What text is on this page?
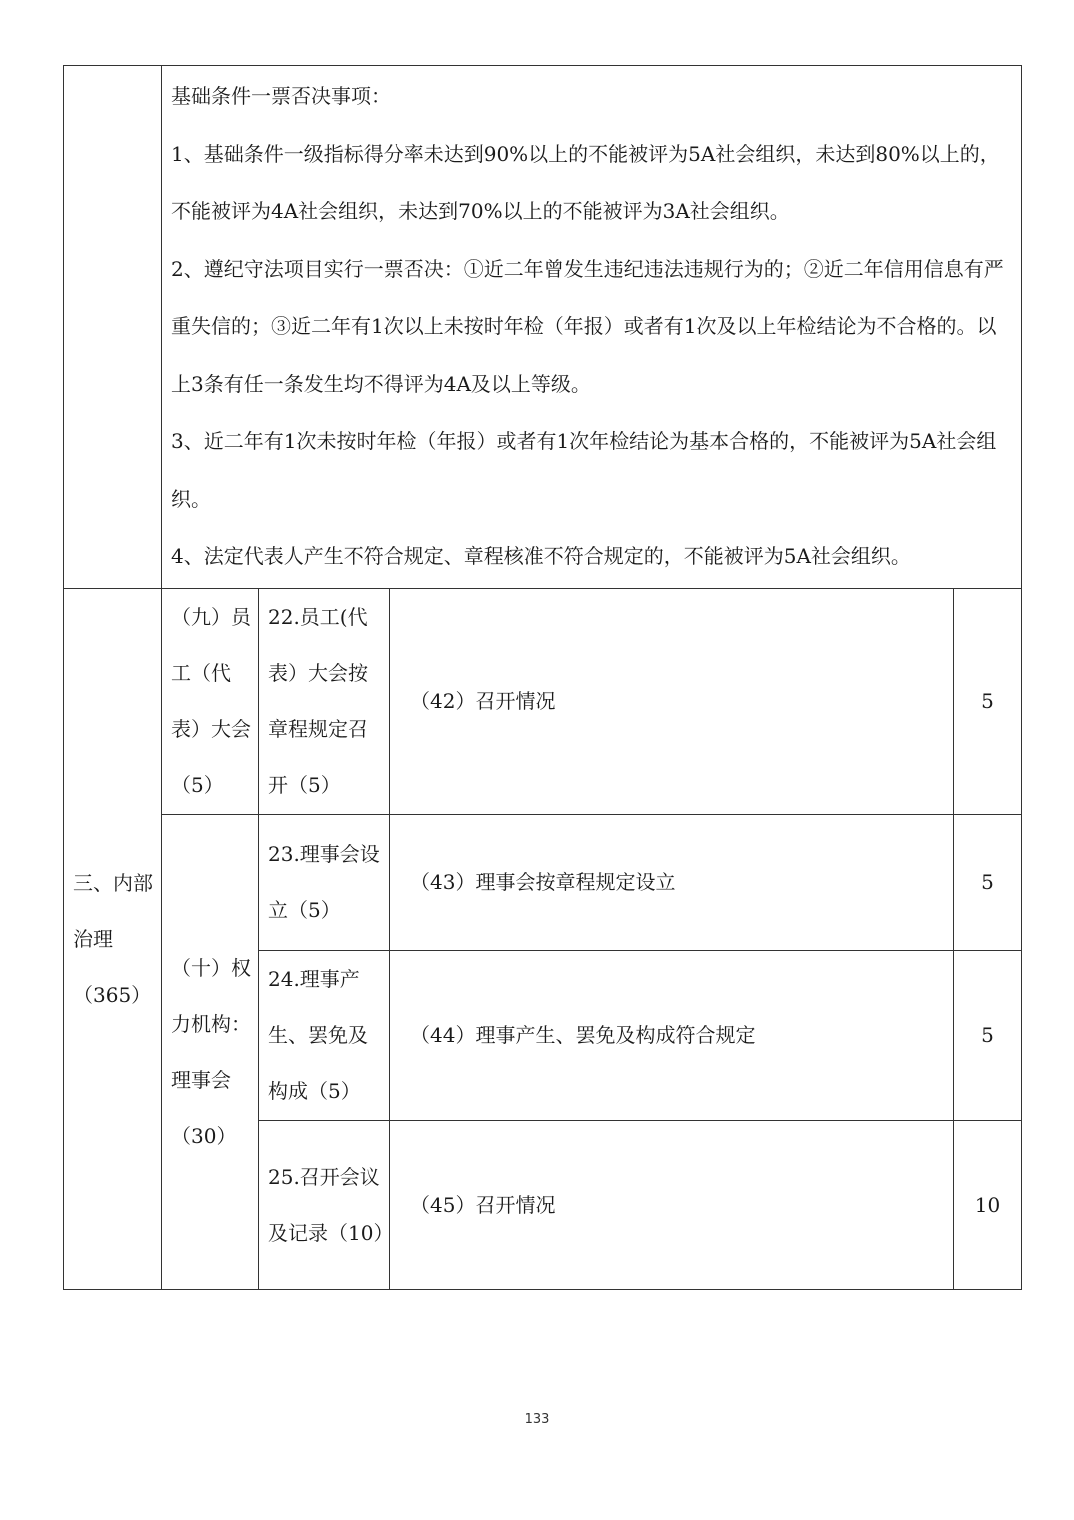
	基础条件一票否决事项：

1、基础条件一级指标得分率未达到90%以上的不能被评为5A社会组织，未达到80%以上的，不能被评为4A社会组织，未达到70%以上的不能被评为3A社会组织。

2、遵纪守法项目实行一票否决：①近二年曾发生违纪违法违规行为的；②近二年信用信息有严重失信的；③近二年有1次以上未按时年检（年报）或者有1次及以上年检结论为不合格的。以上3条有任一条发生均不得评为4A及以上等级。

3、近二年有1次未按时年检（年报）或者有1次年检结论为基本合格的，不能被评为5A社会组织。

4、法定代表人产生不符合规定、章程核准不符合规定的，不能被评为5A社会组织。			

三、内部治理（365）	（九）员工（代表）大会（5）	22.员工(代表）大会按章程规定召开（5）	（42）召开情况	5
	（十）权力机构：理事会（30）	23.理事会设立（5）	（43）理事会按章程规定设立	5
		24.理事产生、罢免及构成（5）	（44）理事产生、罢免及构成符合规定	5
		25.召开会议及记录（10）	（45）召开情况	10
133
